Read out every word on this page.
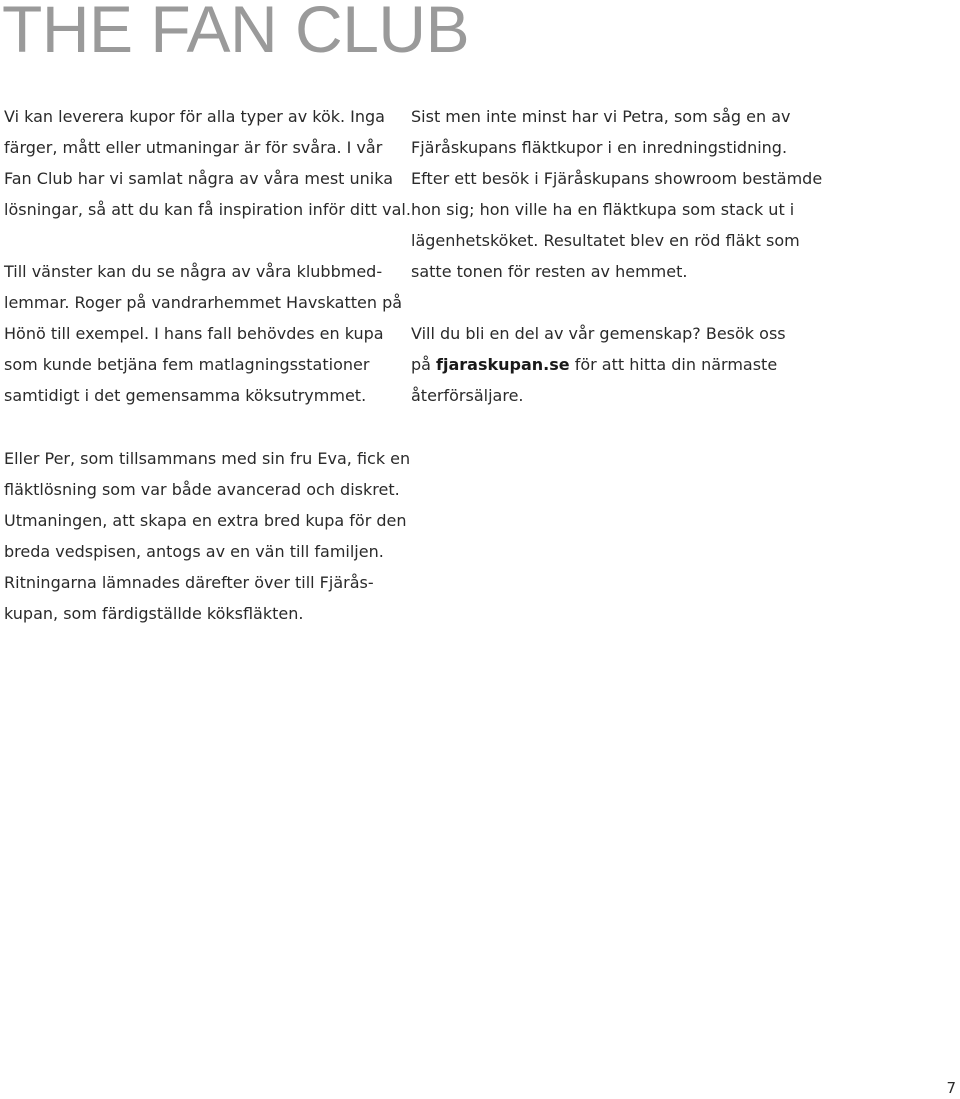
THE FAN CLUB

Vi kan leverera kupor för alla typer av kök. Inga
färger, mått eller utmaningar är för svåra. I vår
Fan Club har vi samlat några av våra mest unika
lösningar, så att du kan få inspiration inför ditt val.

Till vänster kan du se några av våra klubbmed-
lemmar. Roger på vandrarhemmet Havskatten på
Hönö till exempel. I hans fall behövdes en kupa
som kunde betjäna fem matlagningsstationer
samtidigt i det gemensamma köksutrymmet.

Eller Per, som tillsammans med sin fru Eva, fick en
fläktlösning som var både avancerad och diskret.
Utmaningen, att skapa en extra bred kupa för den
breda vedspisen, antogs av en vän till familjen.
Ritningarna lämnades därefter över till Fjärås-
kupan, som färdigställde köksfläkten.

Sist men inte minst har vi Petra, som såg en av
Fjäråskupans fläktkupor i en inredningstidning.
Efter ett besök i Fjäråskupans showroom bestämde
hon sig; hon ville ha en fläktkupa som stack ut i
lägenhetsköket. Resultatet blev en röd fläkt som
satte tonen för resten av hemmet.

Vill du bli en del av vår gemenskap? Besök oss
på fjaraskupan.se för att hitta din närmaste
återförsäljare.

7
